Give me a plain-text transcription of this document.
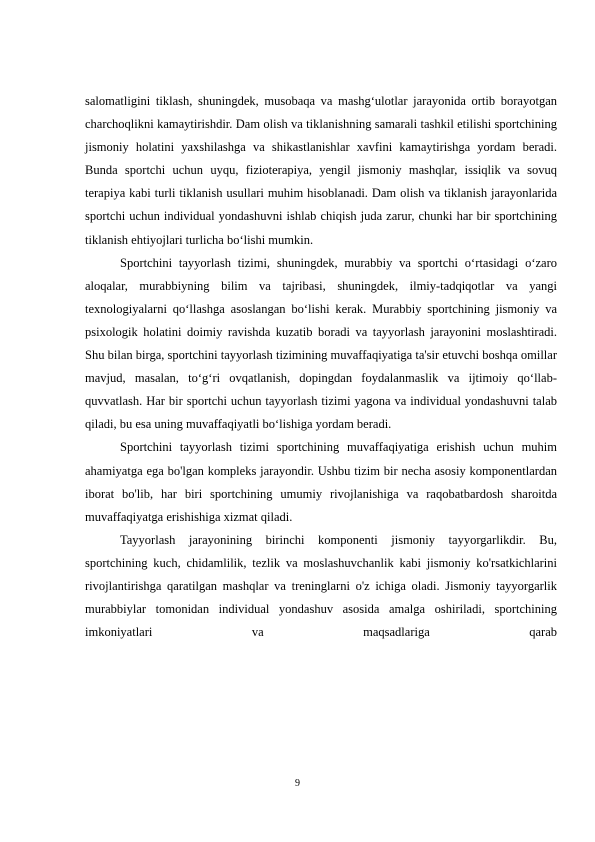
salomatligini tiklash, shuningdek, musobaqa va mashg‘ulotlar jarayonida ortib borayotgan charchoqlikni kamaytirishdir. Dam olish va tiklanishning samarali tashkil etilishi sportchining jismoniy holatini yaxshilashga va shikastlanishlar xavfini kamaytirishga yordam beradi. Bunda sportchi uchun uyqu, fizioterapiya, yengil jismoniy mashqlar, issiqlik va sovuq terapiya kabi turli tiklanish usullari muhim hisoblanadi. Dam olish va tiklanish jarayonlarida sportchi uchun individual yondashuvni ishlab chiqish juda zarur, chunki har bir sportchining tiklanish ehtiyojlari turlicha bo‘lishi mumkin.

Sportchini tayyorlash tizimi, shuningdek, murabbiy va sportchi o‘rtasidagi o‘zaro aloqalar, murabbiyning bilim va tajribasi, shuningdek, ilmiy-tadqiqotlar va yangi texnologiyalarni qo‘llashga asoslangan bo‘lishi kerak. Murabbiy sportchining jismoniy va psixologik holatini doimiy ravishda kuzatib boradi va tayyorlash jarayonini moslashtiradi. Shu bilan birga, sportchini tayyorlash tizimining muvaffaqiyatiga ta'sir etuvchi boshqa omillar mavjud, masalan, to‘g‘ri ovqatlanish, dopingdan foydalanmaslik va ijtimoiy qo‘llab-quvvatlash. Har bir sportchi uchun tayyorlash tizimi yagona va individual yondashuvni talab qiladi, bu esa uning muvaffaqiyatli bo‘lishiga yordam beradi.

Sportchini tayyorlash tizimi sportchining muvaffaqiyatiga erishish uchun muhim ahamiyatga ega bo'lgan kompleks jarayondir. Ushbu tizim bir necha asosiy komponentlardan iborat bo'lib, har biri sportchining umumiy rivojlanishiga va raqobatbardosh sharoitda muvaffaqiyatga erishishiga xizmat qiladi.

Tayyorlash jarayonining birinchi komponenti jismoniy tayyorgarlikdir. Bu, sportchining kuch, chidamlilik, tezlik va moslashuvchanlik kabi jismoniy ko'rsatkichlarini rivojlantirishga qaratilgan mashqlar va treninglarni o'z ichiga oladi. Jismoniy tayyorgarlik murabbiylar tomonidan individual yondashuv asosida amalga oshiriladi, sportchining imkoniyatlari va maqsadlariga qarab

9
